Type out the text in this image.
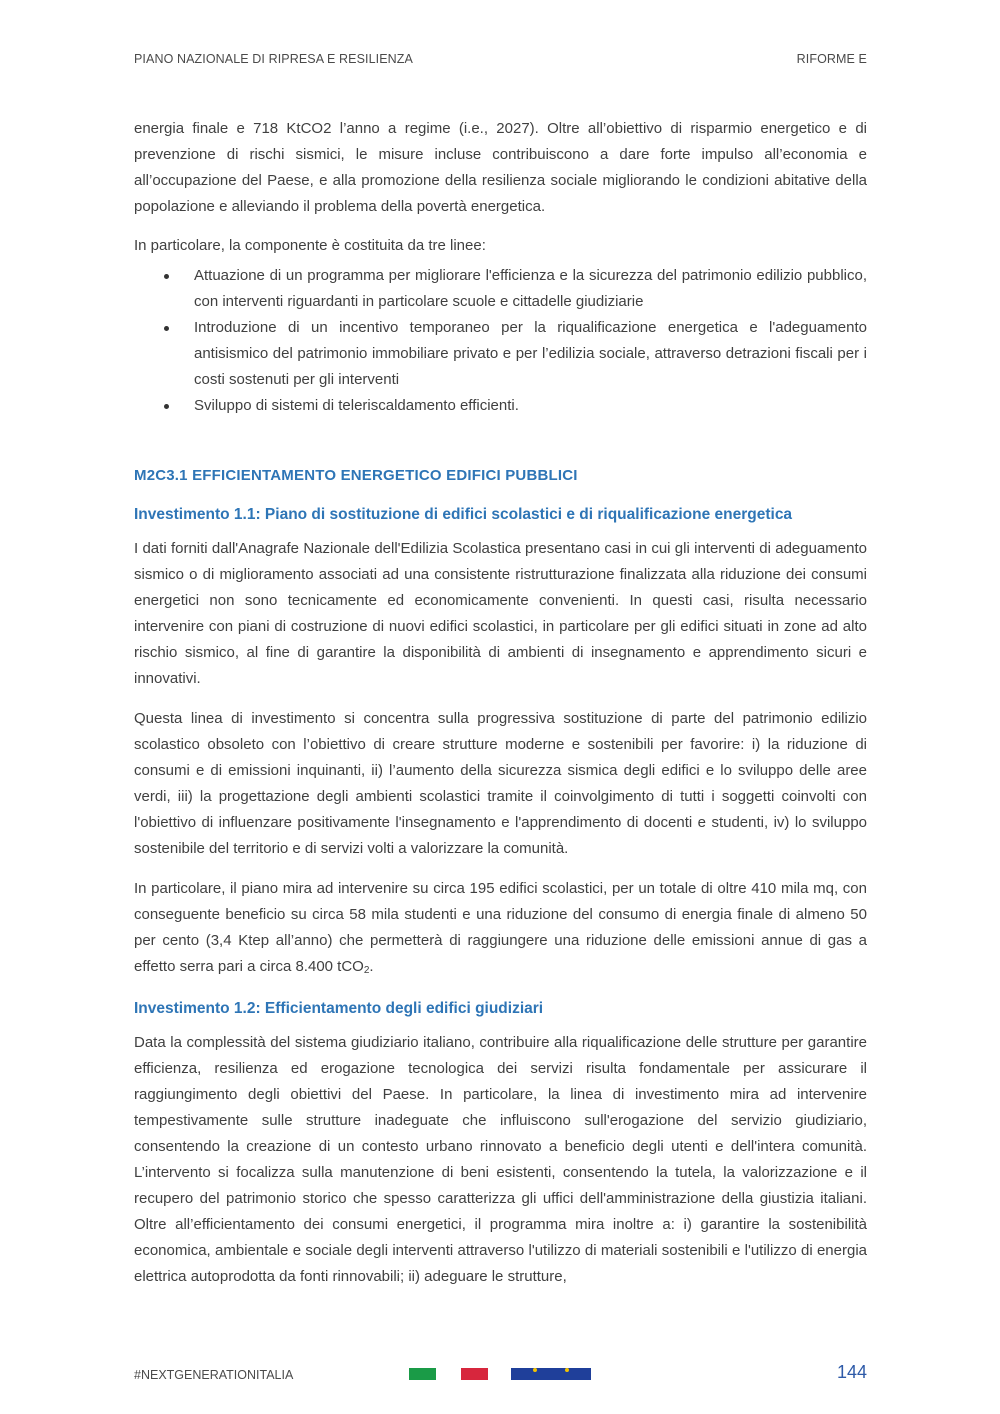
PIANO NAZIONALE DI RIPRESA E RESILIENZA	RIFORME E

energia finale e 718 KtCO2 l’anno a regime (i.e., 2027). Oltre all’obiettivo di risparmio energetico e di prevenzione di rischi sismici, le misure incluse contribuiscono a dare forte impulso all’economia e all’occupazione del Paese, e alla promozione della resilienza sociale migliorando le condizioni abitative della popolazione e alleviando il problema della povertà energetica.

In particolare, la componente è costituita da tre linee:

Attuazione di un programma per migliorare l'efficienza e la sicurezza del patrimonio edilizio pubblico, con interventi riguardanti in particolare scuole e cittadelle giudiziarie
Introduzione di un incentivo temporaneo per la riqualificazione energetica e l'adeguamento antisismico del patrimonio immobiliare privato e per l’edilizia sociale, attraverso detrazioni fiscali per i costi sostenuti per gli interventi
Sviluppo di sistemi di teleriscaldamento efficienti.
M2C3.1 EFFICIENTAMENTO ENERGETICO EDIFICI PUBBLICI
Investimento 1.1: Piano di sostituzione di edifici scolastici e di riqualificazione energetica

I dati forniti dall'Anagrafe Nazionale dell'Edilizia Scolastica presentano casi in cui gli interventi di adeguamento sismico o di miglioramento associati ad una consistente ristrutturazione finalizzata alla riduzione dei consumi energetici non sono tecnicamente ed economicamente convenienti. In questi casi, risulta necessario intervenire con piani di costruzione di nuovi edifici scolastici, in particolare per gli edifici situati in zone ad alto rischio sismico, al fine di garantire la disponibilità di ambienti di insegnamento e apprendimento sicuri e innovativi.

Questa linea di investimento si concentra sulla progressiva sostituzione di parte del patrimonio edilizio scolastico obsoleto con l’obiettivo di creare strutture moderne e sostenibili per favorire: i) la riduzione di consumi e di emissioni inquinanti, ii) l’aumento della sicurezza sismica degli edifici e lo sviluppo delle aree verdi, iii) la progettazione degli ambienti scolastici tramite il coinvolgimento di tutti i soggetti coinvolti con l'obiettivo di influenzare positivamente l'insegnamento e l'apprendimento di docenti e studenti, iv) lo sviluppo sostenibile del territorio e di servizi volti a valorizzare la comunità.

In particolare, il piano mira ad intervenire su circa 195 edifici scolastici, per un totale di oltre 410 mila mq, con conseguente beneficio su circa 58 mila studenti e una riduzione del consumo di energia finale di almeno 50 per cento (3,4 Ktep all’anno) che permetterà di raggiungere una riduzione delle emissioni annue di gas a effetto serra pari a circa 8.400 tCO2.

Investimento 1.2: Efficientamento degli edifici giudiziari

Data la complessità del sistema giudiziario italiano, contribuire alla riqualificazione delle strutture per garantire efficienza, resilienza ed erogazione tecnologica dei servizi risulta fondamentale per assicurare il raggiungimento degli obiettivi del Paese. In particolare, la linea di investimento mira ad intervenire tempestivamente sulle strutture inadeguate che influiscono sull'erogazione del servizio giudiziario, consentendo la creazione di un contesto urbano rinnovato a beneficio degli utenti e dell'intera comunità. L’intervento si focalizza sulla manutenzione di beni esistenti, consentendo la tutela, la valorizzazione e il recupero del patrimonio storico che spesso caratterizza gli uffici dell'amministrazione della giustizia italiani. Oltre all’efficientamento dei consumi energetici, il programma mira inoltre a: i) garantire la sostenibilità economica, ambientale e sociale degli interventi attraverso l'utilizzo di materiali sostenibili e l'utilizzo di energia elettrica autoprodotta da fonti rinnovabili; ii) adeguare le strutture,

#NEXTGENERATIONITALIA	144
